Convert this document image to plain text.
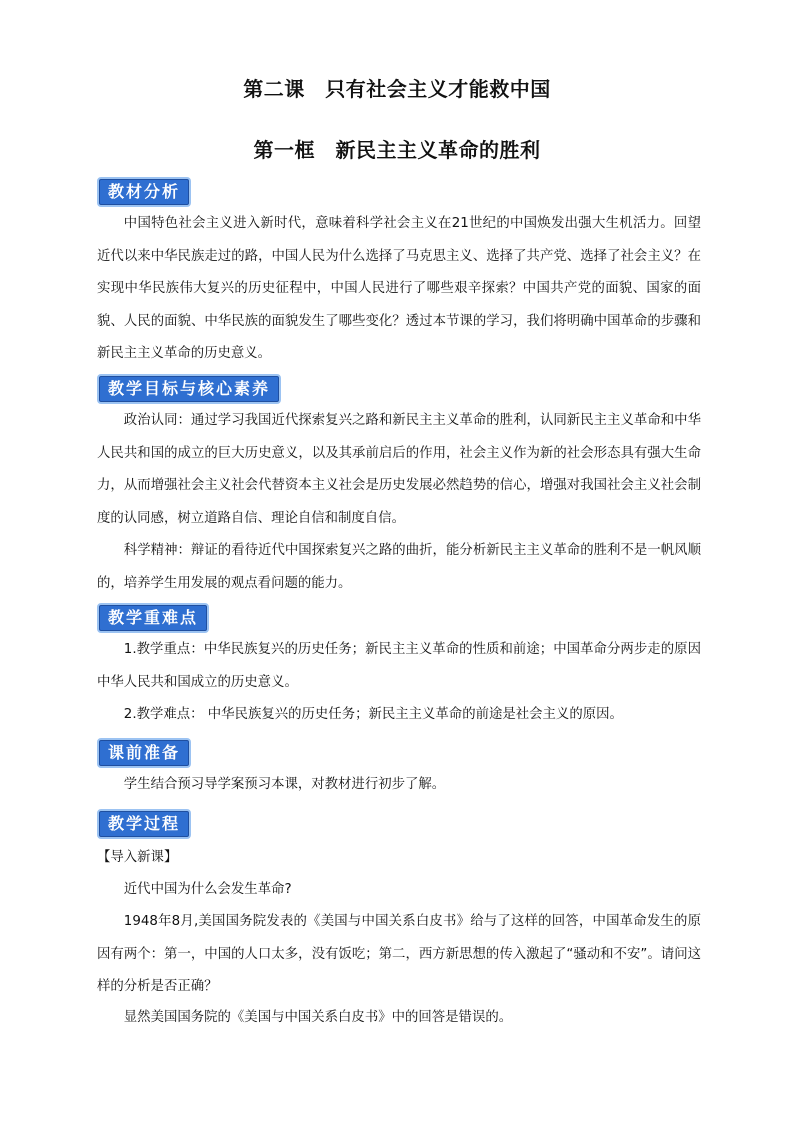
第二课　只有社会主义才能救中国
第一框　新民主主义革命的胜利
教材分析

中国特色社会主义进入新时代，意味着科学社会主义在21世纪的中国焕发出强大生机活力。回望近代以来中华民族走过的路，中国人民为什么选择了马克思主义、选择了共产党、选择了社会主义？在实现中华民族伟大复兴的历史征程中，中国人民进行了哪些艰辛探索？中国共产党的面貌、国家的面貌、人民的面貌、中华民族的面貌发生了哪些变化？透过本节课的学习，我们将明确中国革命的步骤和新民主主义革命的历史意义。

教学目标与核心素养

政治认同：通过学习我国近代探索复兴之路和新民主主义革命的胜利，认同新民主主义革命和中华人民共和国的成立的巨大历史意义，以及其承前启后的作用，社会主义作为新的社会形态具有强大生命力，从而增强社会主义社会代替资本主义社会是历史发展必然趋势的信心，增强对我国社会主义社会制度的认同感，树立道路自信、理论自信和制度自信。

科学精神：辩证的看待近代中国探索复兴之路的曲折，能分析新民主主义革命的胜利不是一帆风顺的，培养学生用发展的观点看问题的能力。

教学重难点

1.教学重点：中华民族复兴的历史任务；新民主主义革命的性质和前途；中国革命分两步走的原因中华人民共和国成立的历史意义。

2.教学难点： 中华民族复兴的历史任务；新民主主义革命的前途是社会主义的原因。

课前准备

学生结合预习导学案预习本课，对教材进行初步了解。

教学过程

【导入新课】

近代中国为什么会发生革命?

1948年8月,美国国务院发表的《美国与中国关系白皮书》给与了这样的回答，中国革命发生的原因有两个：第一，中国的人口太多，没有饭吃；第二，西方新思想的传入激起了“骚动和不安”。请问这样的分析是否正确？

显然美国国务院的《美国与中国关系白皮书》中的回答是错误的。
